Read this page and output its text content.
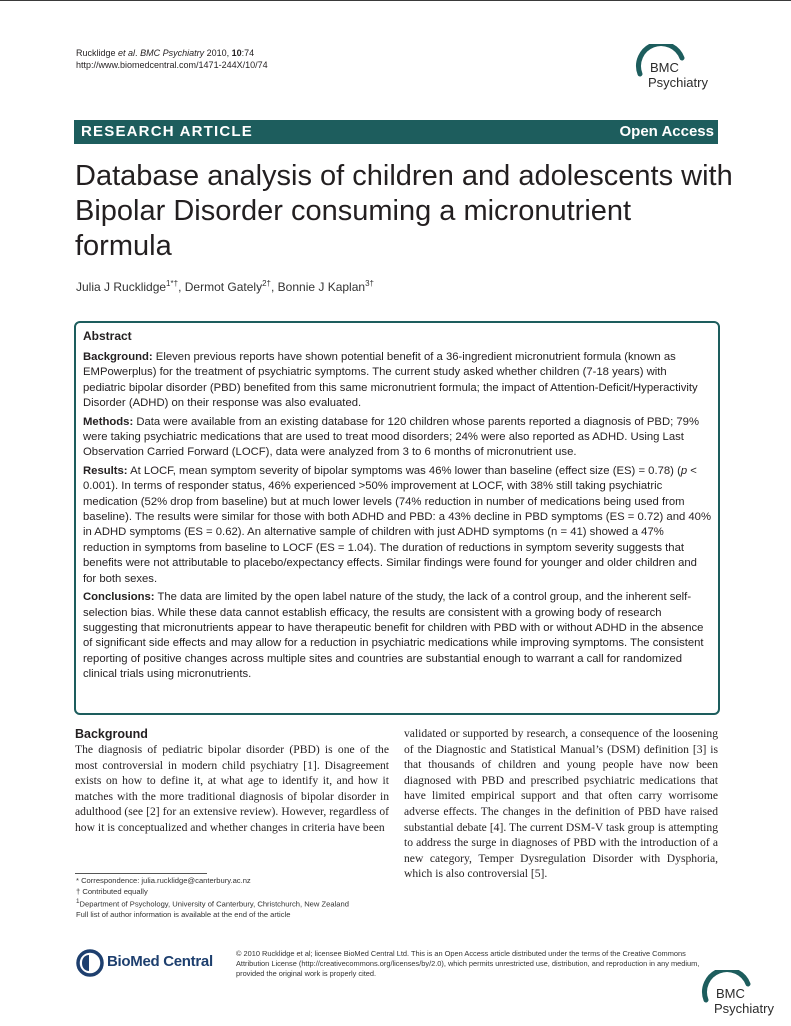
Rucklidge et al. BMC Psychiatry 2010, 10:74
http://www.biomedcentral.com/1471-244X/10/74	BMC
Psychiatry
RESEARCH ARTICLE	Open Access
Database analysis of children and adolescents with Bipolar Disorder consuming a micronutrient formula
Julia J Rucklidge$^{1*\dagger}$, Dermot Gately$^{2\dagger}$, Bonnie J Kaplan$^{3\dagger}$
Abstract

Background: Eleven previous reports have shown potential benefit of a 36-ingredient micronutrient formula (known as EMPowerplus) for the treatment of psychiatric symptoms. The current study asked whether children (7-18 years) with pediatric bipolar disorder (PBD) benefited from this same micronutrient formula; the impact of Attention-Deficit/Hyperactivity Disorder (ADHD) on their response was also evaluated.

Methods: Data were available from an existing database for 120 children whose parents reported a diagnosis of PBD; 79% were taking psychiatric medications that are used to treat mood disorders; 24% were also reported as ADHD. Using Last Observation Carried Forward (LOCF), data were analyzed from 3 to 6 months of micronutrient use.

Results: At LOCF, mean symptom severity of bipolar symptoms was 46% lower than baseline (effect size (ES) = 0.78) (p < 0.001). In terms of responder status, 46% experienced >50% improvement at LOCF, with 38% still taking psychiatric medication (52% drop from baseline) but at much lower levels (74% reduction in number of medications being used from baseline). The results were similar for those with both ADHD and PBD: a 43% decline in PBD symptoms (ES = 0.72) and 40% in ADHD symptoms (ES = 0.62). An alternative sample of children with just ADHD symptoms (n = 41) showed a 47% reduction in symptoms from baseline to LOCF (ES = 1.04). The duration of reductions in symptom severity suggests that benefits were not attributable to placebo/expectancy effects. Similar findings were found for younger and older children and for both sexes.

Conclusions: The data are limited by the open label nature of the study, the lack of a control group, and the inherent self-selection bias. While these data cannot establish efficacy, the results are consistent with a growing body of research suggesting that micronutrients appear to have therapeutic benefit for children with PBD with or without ADHD in the absence of significant side effects and may allow for a reduction in psychiatric medications while improving symptoms. The consistent reporting of positive changes across multiple sites and countries are substantial enough to warrant a call for randomized clinical trials using micronutrients.

Background

The diagnosis of pediatric bipolar disorder (PBD) is one of the most controversial in modern child psychiatry [1]. Disagreement exists on how to define it, at what age to identify it, and how it matches with the more traditional diagnosis of bipolar disorder in adulthood (see [2] for an extensive review). However, regardless of how it is conceptualized and whether changes in criteria have been

validated or supported by research, a consequence of the loosening of the Diagnostic and Statistical Manual’s (DSM) definition [3] is that thousands of children and young people have now been diagnosed with PBD and prescribed psychiatric medications that have limited empirical support and that often carry worrisome adverse effects. The changes in the definition of PBD have raised substantial debate [4]. The current DSM-V task group is attempting to address the surge in diagnoses of PBD with the introduction of a new category, Temper Dysregulation Disorder with Dysphoria, which is also controversial [5].

* Correspondence: julia.rucklidge@canterbury.ac.nz
† Contributed equally
$^1$Department of Psychology, University of Canterbury, Christchurch, New Zealand
Full list of author information is available at the end of the article
BioMed Central	© 2010 Rucklidge et al; licensee BioMed Central Ltd. This is an Open Access article distributed under the terms of the Creative Commons Attribution License (http://creativecommons.org/licenses/by/2.0), which permits unrestricted use, distribution, and reproduction in any medium, provided the original work is properly cited.
BMC
Psychiatry
